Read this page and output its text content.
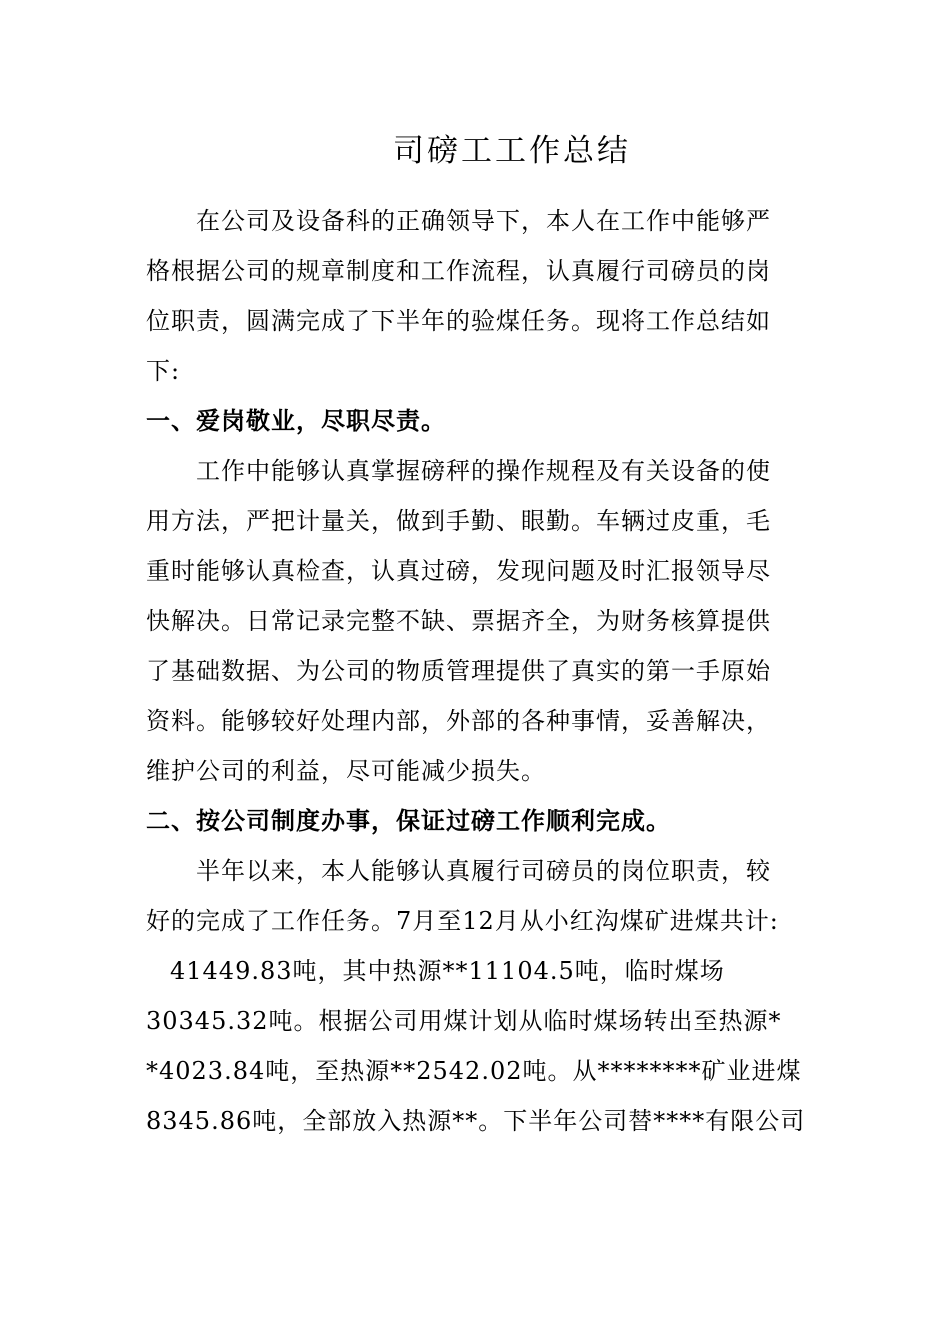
司磅工工作总结
在公司及设备科的正确领导下，本人在工作中能够严
格根据公司的规章制度和工作流程，认真履行司磅员的岗
位职责，圆满完成了下半年的验煤任务。现将工作总结如
下:
一、爱岗敬业，尽职尽责。
工作中能够认真掌握磅秤的操作规程及有关设备的使
用方法，严把计量关，做到手勤、眼勤。车辆过皮重，毛
重时能够认真检查，认真过磅，发现问题及时汇报领导尽
快解决。日常记录完整不缺、票据齐全，为财务核算提供
了基础数据、为公司的物质管理提供了真实的第一手原始
资料。能够较好处理内部，外部的各种事情，妥善解决，
维护公司的利益，尽可能减少损失。
二、按公司制度办事，保证过磅工作顺利完成。
半年以来，本人能够认真履行司磅员的岗位职责，较
好的完成了工作任务。7月至12月从小红沟煤矿进煤共计:
41449.83吨，其中热源**11104.5吨，临时煤场
30345.32吨。根据公司用煤计划从临时煤场转出至热源*
*4023.84吨，至热源**2542.02吨。从********矿业进煤
8345.86吨，全部放入热源**。下半年公司替****有限公司
